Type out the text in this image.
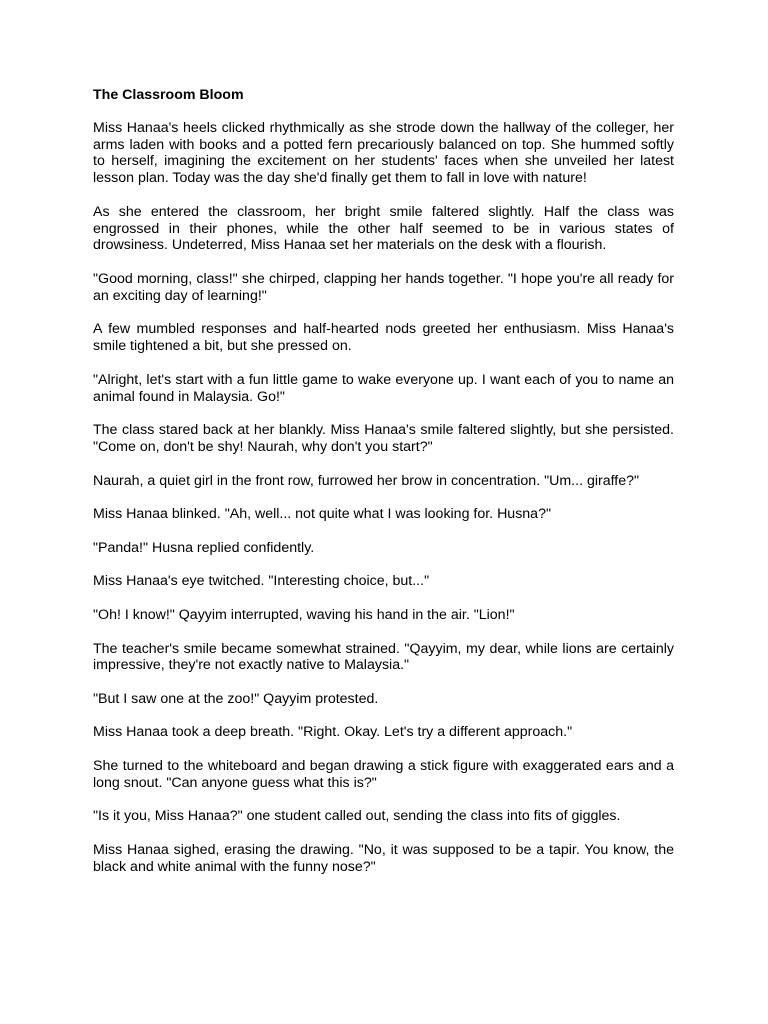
The Classroom Bloom

Miss Hanaa's heels clicked rhythmically as she strode down the hallway of the colleger, her arms laden with books and a potted fern precariously balanced on top. She hummed softly to herself, imagining the excitement on her students' faces when she unveiled her latest lesson plan. Today was the day she'd finally get them to fall in love with nature!

As she entered the classroom, her bright smile faltered slightly. Half the class was engrossed in their phones, while the other half seemed to be in various states of drowsiness. Undeterred, Miss Hanaa set her materials on the desk with a flourish.

"Good morning, class!" she chirped, clapping her hands together. "I hope you're all ready for an exciting day of learning!"

A few mumbled responses and half-hearted nods greeted her enthusiasm. Miss Hanaa's smile tightened a bit, but she pressed on.

"Alright, let's start with a fun little game to wake everyone up. I want each of you to name an animal found in Malaysia. Go!"

The class stared back at her blankly. Miss Hanaa's smile faltered slightly, but she persisted. "Come on, don't be shy! Naurah, why don't you start?"

Naurah, a quiet girl in the front row, furrowed her brow in concentration. "Um... giraffe?"

Miss Hanaa blinked. "Ah, well... not quite what I was looking for. Husna?"

"Panda!" Husna replied confidently.

Miss Hanaa's eye twitched. "Interesting choice, but..."

"Oh! I know!" Qayyim interrupted, waving his hand in the air. "Lion!"

The teacher's smile became somewhat strained. "Qayyim, my dear, while lions are certainly impressive, they're not exactly native to Malaysia."

"But I saw one at the zoo!" Qayyim protested.

Miss Hanaa took a deep breath. "Right. Okay. Let's try a different approach."

She turned to the whiteboard and began drawing a stick figure with exaggerated ears and a long snout. "Can anyone guess what this is?"

"Is it you, Miss Hanaa?" one student called out, sending the class into fits of giggles.

Miss Hanaa sighed, erasing the drawing. "No, it was supposed to be a tapir. You know, the black and white animal with the funny nose?"
